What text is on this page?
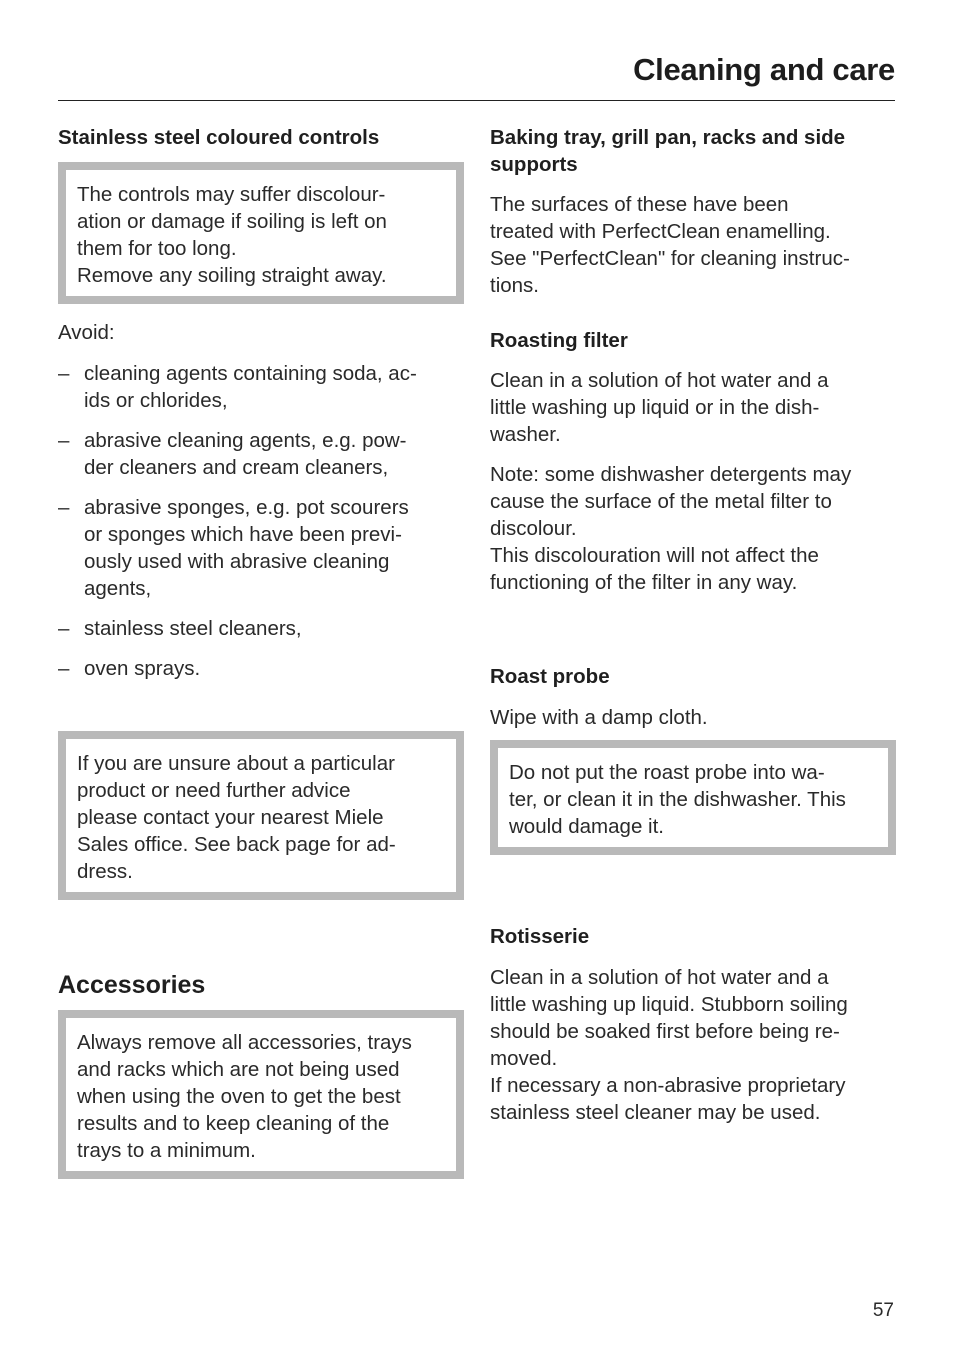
Cleaning and care
Stainless steel coloured controls
The controls may suffer discolour-
ation or damage if soiling is left on
them for too long.
Remove any soiling straight away.
Avoid:
– cleaning agents containing soda, ac-
ids or chlorides,
– abrasive cleaning agents, e.g. pow-
der cleaners and cream cleaners,
– abrasive sponges, e.g. pot scourers
or sponges which have been previ-
ously used with abrasive cleaning
agents,
– stainless steel cleaners,
– oven sprays.
If you are unsure about a particular
product or need further advice
please contact your nearest Miele
Sales office. See back page for ad-
dress.
Accessories
Always remove all accessories, trays
and racks which are not being used
when using the oven to get the best
results and to keep cleaning of the
trays to a minimum.
Baking tray, grill pan, racks and side
supports
The surfaces of these have been
treated with PerfectClean enamelling.
See "PerfectClean" for cleaning instruc-
tions.
Roasting filter
Clean in a solution of hot water and a
little washing up liquid or in the dish-
washer.
Note: some dishwasher detergents may
cause the surface of the metal filter to
discolour.
This discolouration will not affect the
functioning of the filter in any way.
Roast probe
Wipe with a damp cloth.
Do not put the roast probe into wa-
ter, or clean it in the dishwasher. This
would damage it.
Rotisserie
Clean in a solution of hot water and a
little washing up liquid. Stubborn soiling
should be soaked first before being re-
moved.
If necessary a non-abrasive proprietary
stainless steel cleaner may be used.
57
